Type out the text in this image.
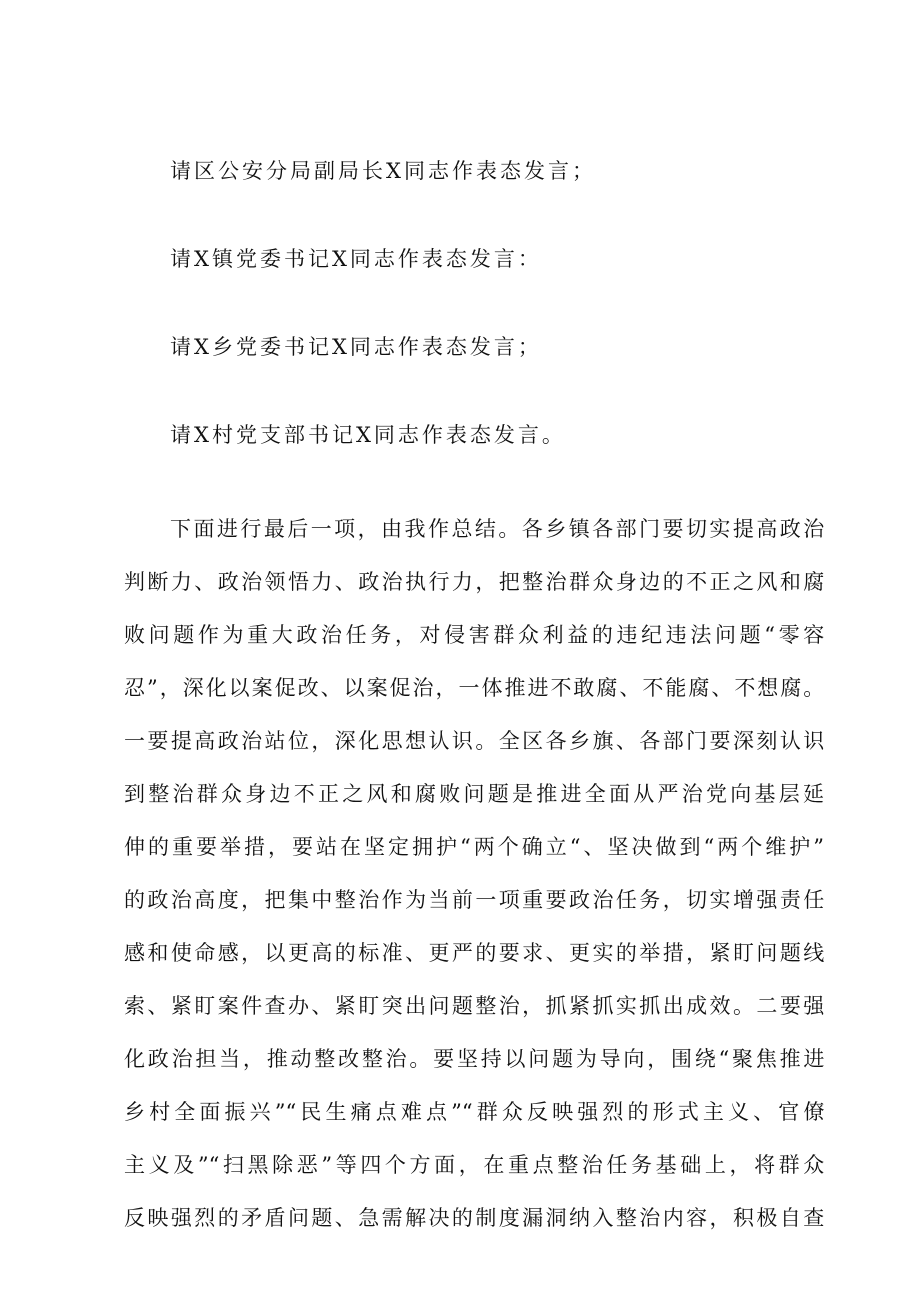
请区公安分局副局长X同志作表态发言；
请X镇党委书记X同志作表态发言：
请X乡党委书记X同志作表态发言；
请X村党支部书记X同志作表态发言。
下面进行最后一项，由我作总结。各乡镇各部门要切实提高政治
判断力、政治领悟力、政治执行力，把整治群众身边的不正之风和腐
败问题作为重大政治任务，对侵害群众利益的违纪违法问题“零容
忍”，深化以案促改、以案促治，一体推进不敢腐、不能腐、不想腐。
一要提高政治站位，深化思想认识。全区各乡旗、各部门要深刻认识
到整治群众身边不正之风和腐败问题是推进全面从严治党向基层延
伸的重要举措，要站在坚定拥护“两个确立“、坚决做到“两个维护”
的政治高度，把集中整治作为当前一项重要政治任务，切实增强责任
感和使命感，以更高的标准、更严的要求、更实的举措，紧盯问题线
索、紧盯案件查办、紧盯突出问题整治，抓紧抓实抓出成效。二要强
化政治担当，推动整改整治。要坚持以问题为导向，围绕“聚焦推进
乡村全面振兴”“民生痛点难点”“群众反映强烈的形式主义、官僚
主义及”“扫黑除恶”等四个方面，在重点整治任务基础上，将群众
反映强烈的矛盾问题、急需解决的制度漏洞纳入整治内容，积极自查
